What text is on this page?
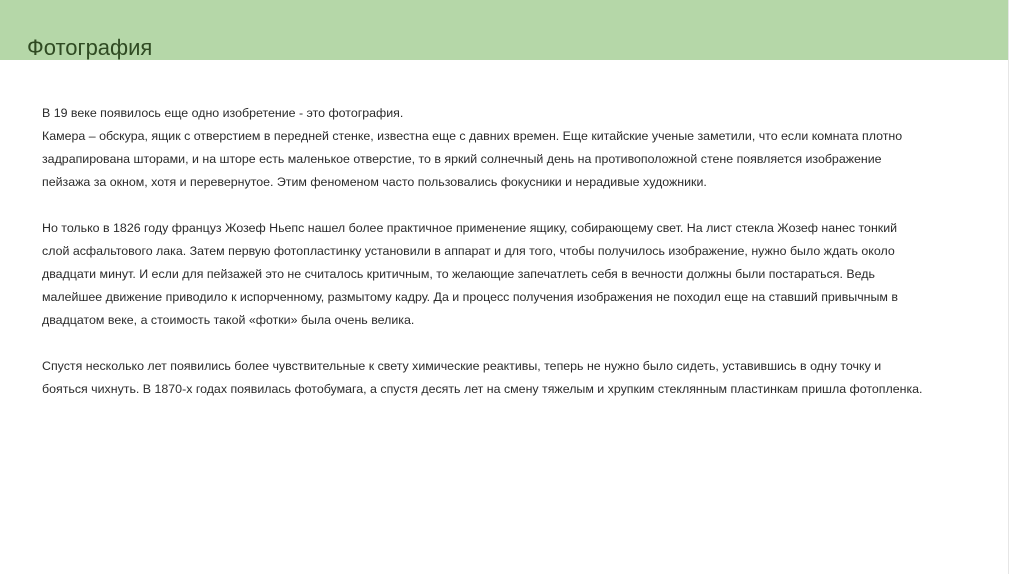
Фотография

В 19 веке появилось еще одно изобретение - это фотография.

Камера – обскура, ящик с отверстием в передней стенке, известна еще с давних времен. Еще китайские ученые заметили, что если комната плотно

задрапирована шторами, и на шторе есть маленькое отверстие, то в яркий солнечный день на противоположной стене появляется изображение

пейзажа за окном, хотя и перевернутое. Этим феноменом часто пользовались фокусники и нерадивые художники.

Но только в 1826 году француз Жозеф Ньепс нашел более практичное применение ящику, собирающему свет. На лист стекла Жозеф нанес тонкий

слой асфальтового лака. Затем первую фотопластинку установили в аппарат и для того, чтобы получилось изображение, нужно было ждать около

двадцати минут. И если для пейзажей это не считалось критичным, то желающие запечатлеть себя в вечности должны были постараться. Ведь

малейшее движение приводило к испорченному, размытому кадру. Да и процесс получения изображения не походил еще на ставший привычным в

двадцатом веке, а стоимость такой «фотки» была очень велика.

Спустя несколько лет появились более чувствительные к свету химические реактивы, теперь не нужно было сидеть, уставившись в одну точку и

бояться чихнуть. В 1870-х годах появилась фотобумага, а спустя десять лет на смену тяжелым и хрупким стеклянным пластинкам пришла фотопленка.
